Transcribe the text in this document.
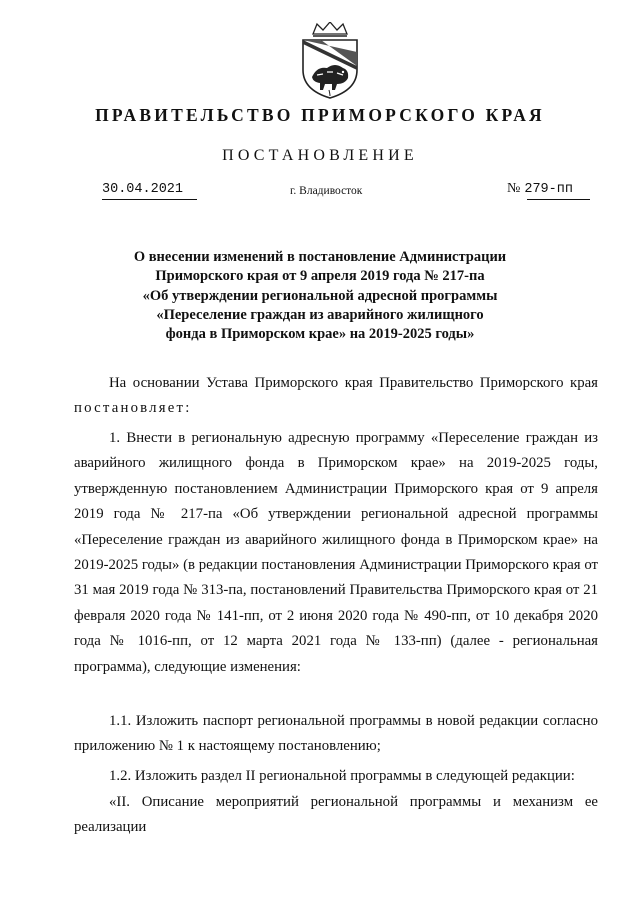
ПРАВИТЕЛЬСТВО ПРИМОРСКОГО КРАЯ
ПОСТАНОВЛЕНИЕ
30.04.2021	г. Владивосток	№ 279-пп
О внесении изменений в постановление Администрации
Приморского края от 9 апреля 2019 года № 217-па
«Об утверждении региональной адресной программы
«Переселение граждан из аварийного жилищного
фонда в Приморском крае» на 2019-2025 годы»
На основании Устава Приморского края Правительство Приморского края постановляет:
1. Внести в региональную адресную программу «Переселение граждан из аварийного жилищного фонда в Приморском крае» на 2019-2025 годы, утвержденную постановлением Администрации Приморского края от 9 апреля 2019 года № 217-па «Об утверждении региональной адресной программы «Переселение граждан из аварийного жилищного фонда в Приморском крае» на 2019-2025 годы» (в редакции постановления Администрации Приморского края от 31 мая 2019 года № 313-па, постановлений Правительства Приморского края от 21 февраля 2020 года № 141-пп, от 2 июня 2020 года № 490-пп, от 10 декабря 2020 года № 1016-пп, от 12 марта 2021 года № 133-пп) (далее - региональная программа), следующие изменения:
1.1. Изложить паспорт региональной программы в новой редакции согласно приложению № 1 к настоящему постановлению;
1.2. Изложить раздел II региональной программы в следующей редакции:
«II. Описание мероприятий региональной программы и механизм ее реализации
